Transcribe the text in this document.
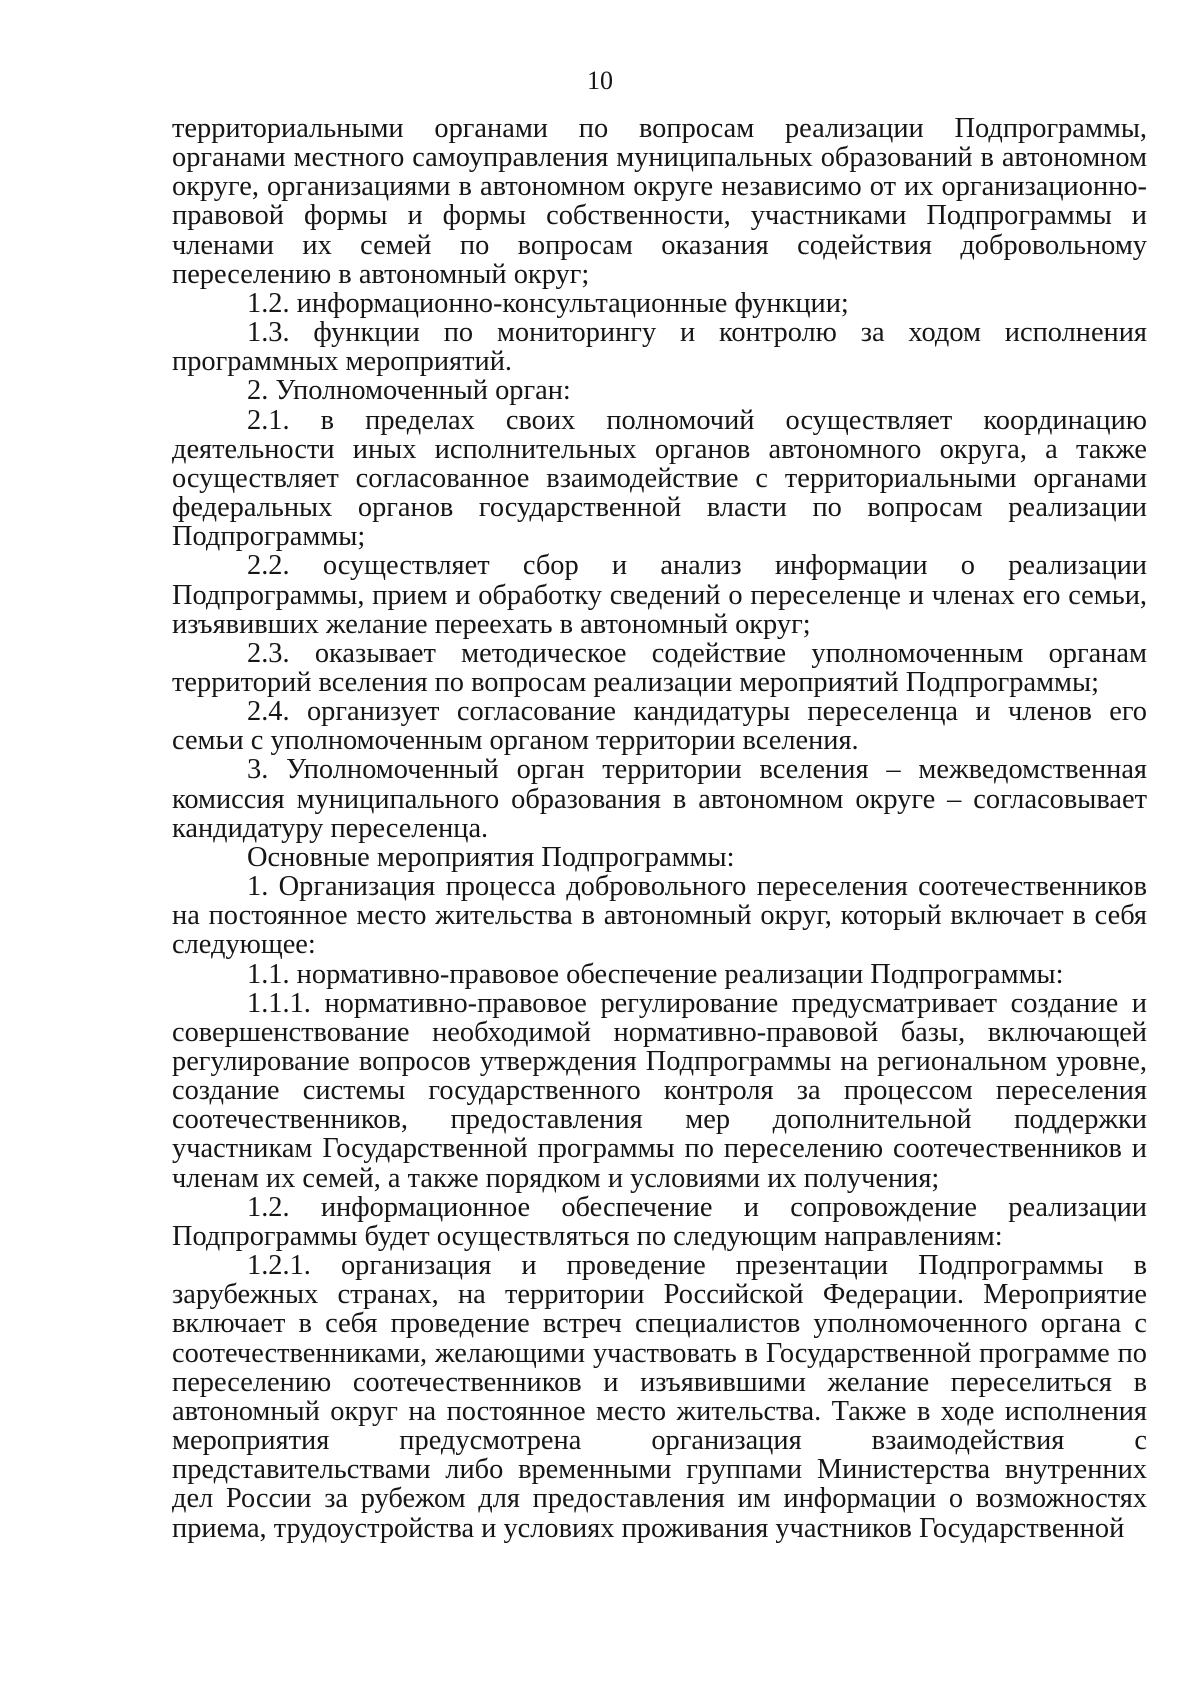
10

территориальными органами по вопросам реализации Подпрограммы, органами местного самоуправления муниципальных образований в автономном округе, организациями в автономном округе независимо от их организационно-правовой формы и формы собственности, участниками Подпрограммы и членами их семей по вопросам оказания содействия добровольному переселению в автономный округ;

1.2. информационно-консультационные функции;

1.3. функции по мониторингу и контролю за ходом исполнения программных мероприятий.

2. Уполномоченный орган:

2.1. в пределах своих полномочий осуществляет координацию деятельности иных исполнительных органов автономного округа, а также осуществляет согласованное взаимодействие с территориальными органами федеральных органов государственной власти по вопросам реализации Подпрограммы;

2.2. осуществляет сбор и анализ информации о реализации Подпрограммы, прием и обработку сведений о переселенце и членах его семьи, изъявивших желание переехать в автономный округ;

2.3. оказывает методическое содействие уполномоченным органам территорий вселения по вопросам реализации мероприятий Подпрограммы;

2.4. организует согласование кандидатуры переселенца и членов его семьи с уполномоченным органом территории вселения.

3. Уполномоченный орган территории вселения – межведомственная комиссия муниципального образования в автономном округе – согласовывает кандидатуру переселенца.

Основные мероприятия Подпрограммы:

1. Организация процесса добровольного переселения соотечественников на постоянное место жительства в автономный округ, который включает в себя следующее:

1.1. нормативно-правовое обеспечение реализации Подпрограммы:

1.1.1. нормативно-правовое регулирование предусматривает создание и совершенствование необходимой нормативно-правовой базы, включающей регулирование вопросов утверждения Подпрограммы на региональном уровне, создание системы государственного контроля за процессом переселения соотечественников, предоставления мер дополнительной поддержки участникам Государственной программы по переселению соотечественников и членам их семей, а также порядком и условиями их получения;

1.2. информационное обеспечение и сопровождение реализации Подпрограммы будет осуществляться по следующим направлениям:

1.2.1. организация и проведение презентации Подпрограммы в зарубежных странах, на территории Российской Федерации. Мероприятие включает в себя проведение встреч специалистов уполномоченного органа с соотечественниками, желающими участвовать в Государственной программе по переселению соотечественников и изъявившими желание переселиться в автономный округ на постоянное место жительства. Также в ходе исполнения мероприятия предусмотрена организация взаимодействия с представительствами либо временными группами Министерства внутренних дел России за рубежом для предоставления им информации о возможностях приема, трудоустройства и условиях проживания участников Государственной
